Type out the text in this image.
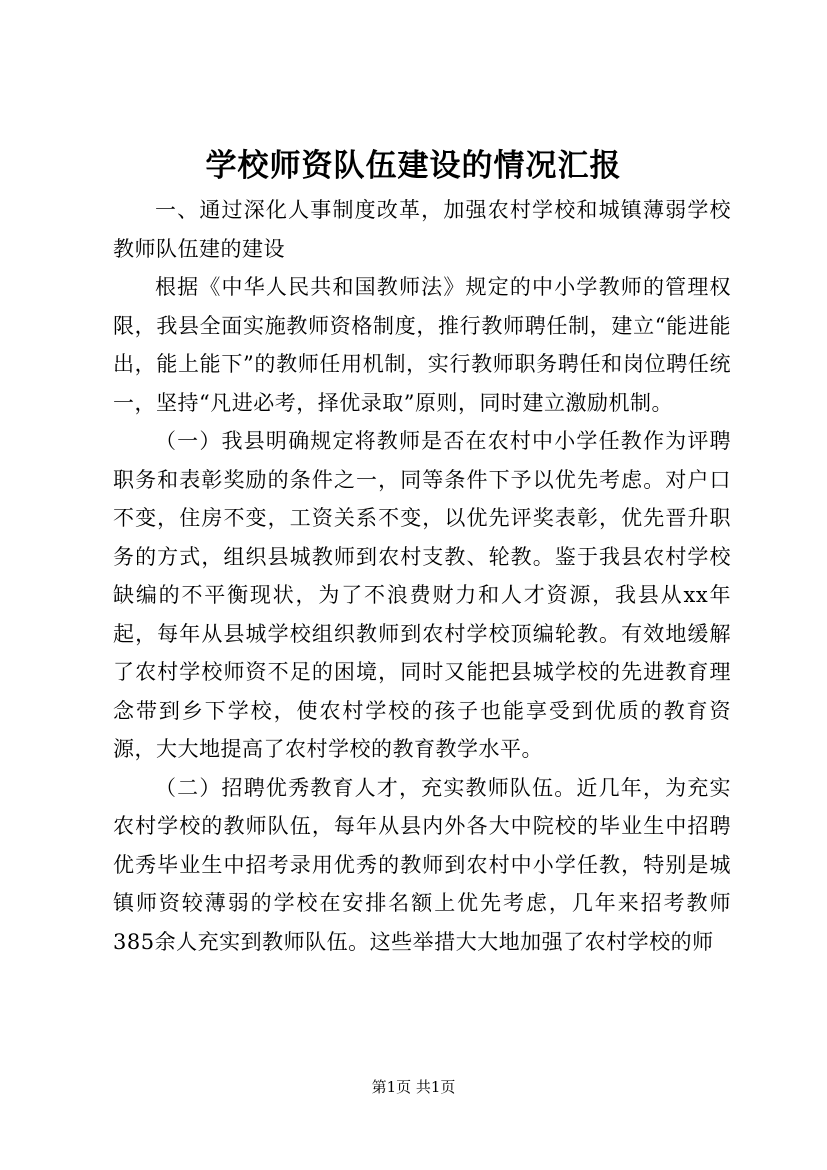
学校师资队伍建设的情况汇报

一、通过深化人事制度改革，加强农村学校和城镇薄弱学校教师队伍建的建设

根据《中华人民共和国教师法》规定的中小学教师的管理权限，我县全面实施教师资格制度，推行教师聘任制，建立“能进能出，能上能下”的教师任用机制，实行教师职务聘任和岗位聘任统一，坚持“凡进必考，择优录取”原则，同时建立激励机制。

（一）我县明确规定将教师是否在农村中小学任教作为评聘职务和表彰奖励的条件之一，同等条件下予以优先考虑。对户口不变，住房不变，工资关系不变，以优先评奖表彰，优先晋升职务的方式，组织县城教师到农村支教、轮教。鉴于我县农村学校缺编的不平衡现状，为了不浪费财力和人才资源，我县从xx年起，每年从县城学校组织教师到农村学校顶编轮教。有效地缓解了农村学校师资不足的困境，同时又能把县城学校的先进教育理念带到乡下学校，使农村学校的孩子也能享受到优质的教育资源，大大地提高了农村学校的教育教学水平。

（二）招聘优秀教育人才，充实教师队伍。近几年，为充实农村学校的教师队伍，每年从县内外各大中院校的毕业生中招聘优秀毕业生中招考录用优秀的教师到农村中小学任教，特别是城镇师资较薄弱的学校在安排名额上优先考虑，几年来招考教师385余人充实到教师队伍。这些举措大大地加强了农村学校的师

第1页 共1页
